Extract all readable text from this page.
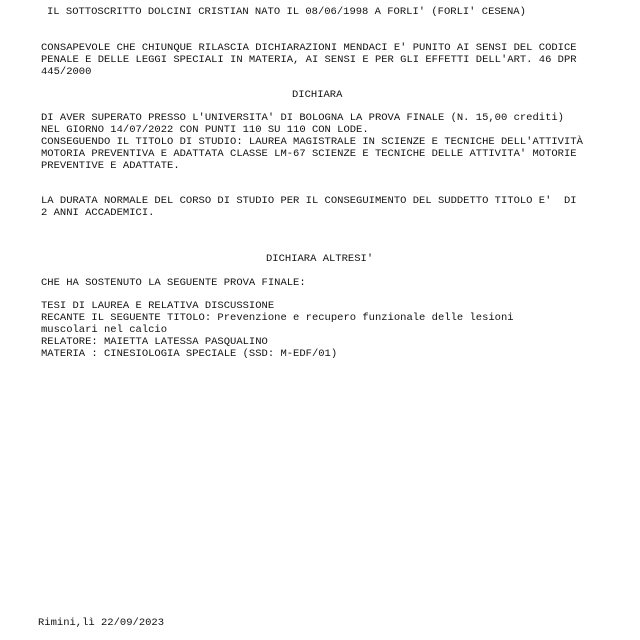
IL SOTTOSCRITTO DOLCINI CRISTIAN NATO IL 08/06/1998 A FORLI' (FORLI' CESENA)
CONSAPEVOLE CHE CHIUNQUE RILASCIA DICHIARAZIONI MENDACI E' PUNITO AI SENSI DEL CODICE
PENALE E DELLE LEGGI SPECIALI IN MATERIA, AI SENSI E PER GLI EFFETTI DELL'ART. 46 DPR
445/2000
DICHIARA
DI AVER SUPERATO PRESSO L'UNIVERSITA' DI BOLOGNA LA PROVA FINALE (N. 15,00 crediti)
NEL GIORNO 14/07/2022 CON PUNTI 110 SU 110 CON LODE.
CONSEGUENDO IL TITOLO DI STUDIO: LAUREA MAGISTRALE IN SCIENZE E TECNICHE DELL'ATTIVITÀ
MOTORIA PREVENTIVA E ADATTATA CLASSE LM-67 SCIENZE E TECNICHE DELLE ATTIVITA' MOTORIE
PREVENTIVE E ADATTATE.
LA DURATA NORMALE DEL CORSO DI STUDIO PER IL CONSEGUIMENTO DEL SUDDETTO TITOLO E'  DI
2 ANNI ACCADEMICI.
DICHIARA ALTRESI'
CHE HA SOSTENUTO LA SEGUENTE PROVA FINALE:
TESI DI LAUREA E RELATIVA DISCUSSIONE
RECANTE IL SEGUENTE TITOLO: Prevenzione e recupero funzionale delle lesioni
muscolari nel calcio
RELATORE: MAIETTA LATESSA PASQUALINO
MATERIA : CINESIOLOGIA SPECIALE (SSD: M-EDF/01)
Rimini,lì 22/09/2023
